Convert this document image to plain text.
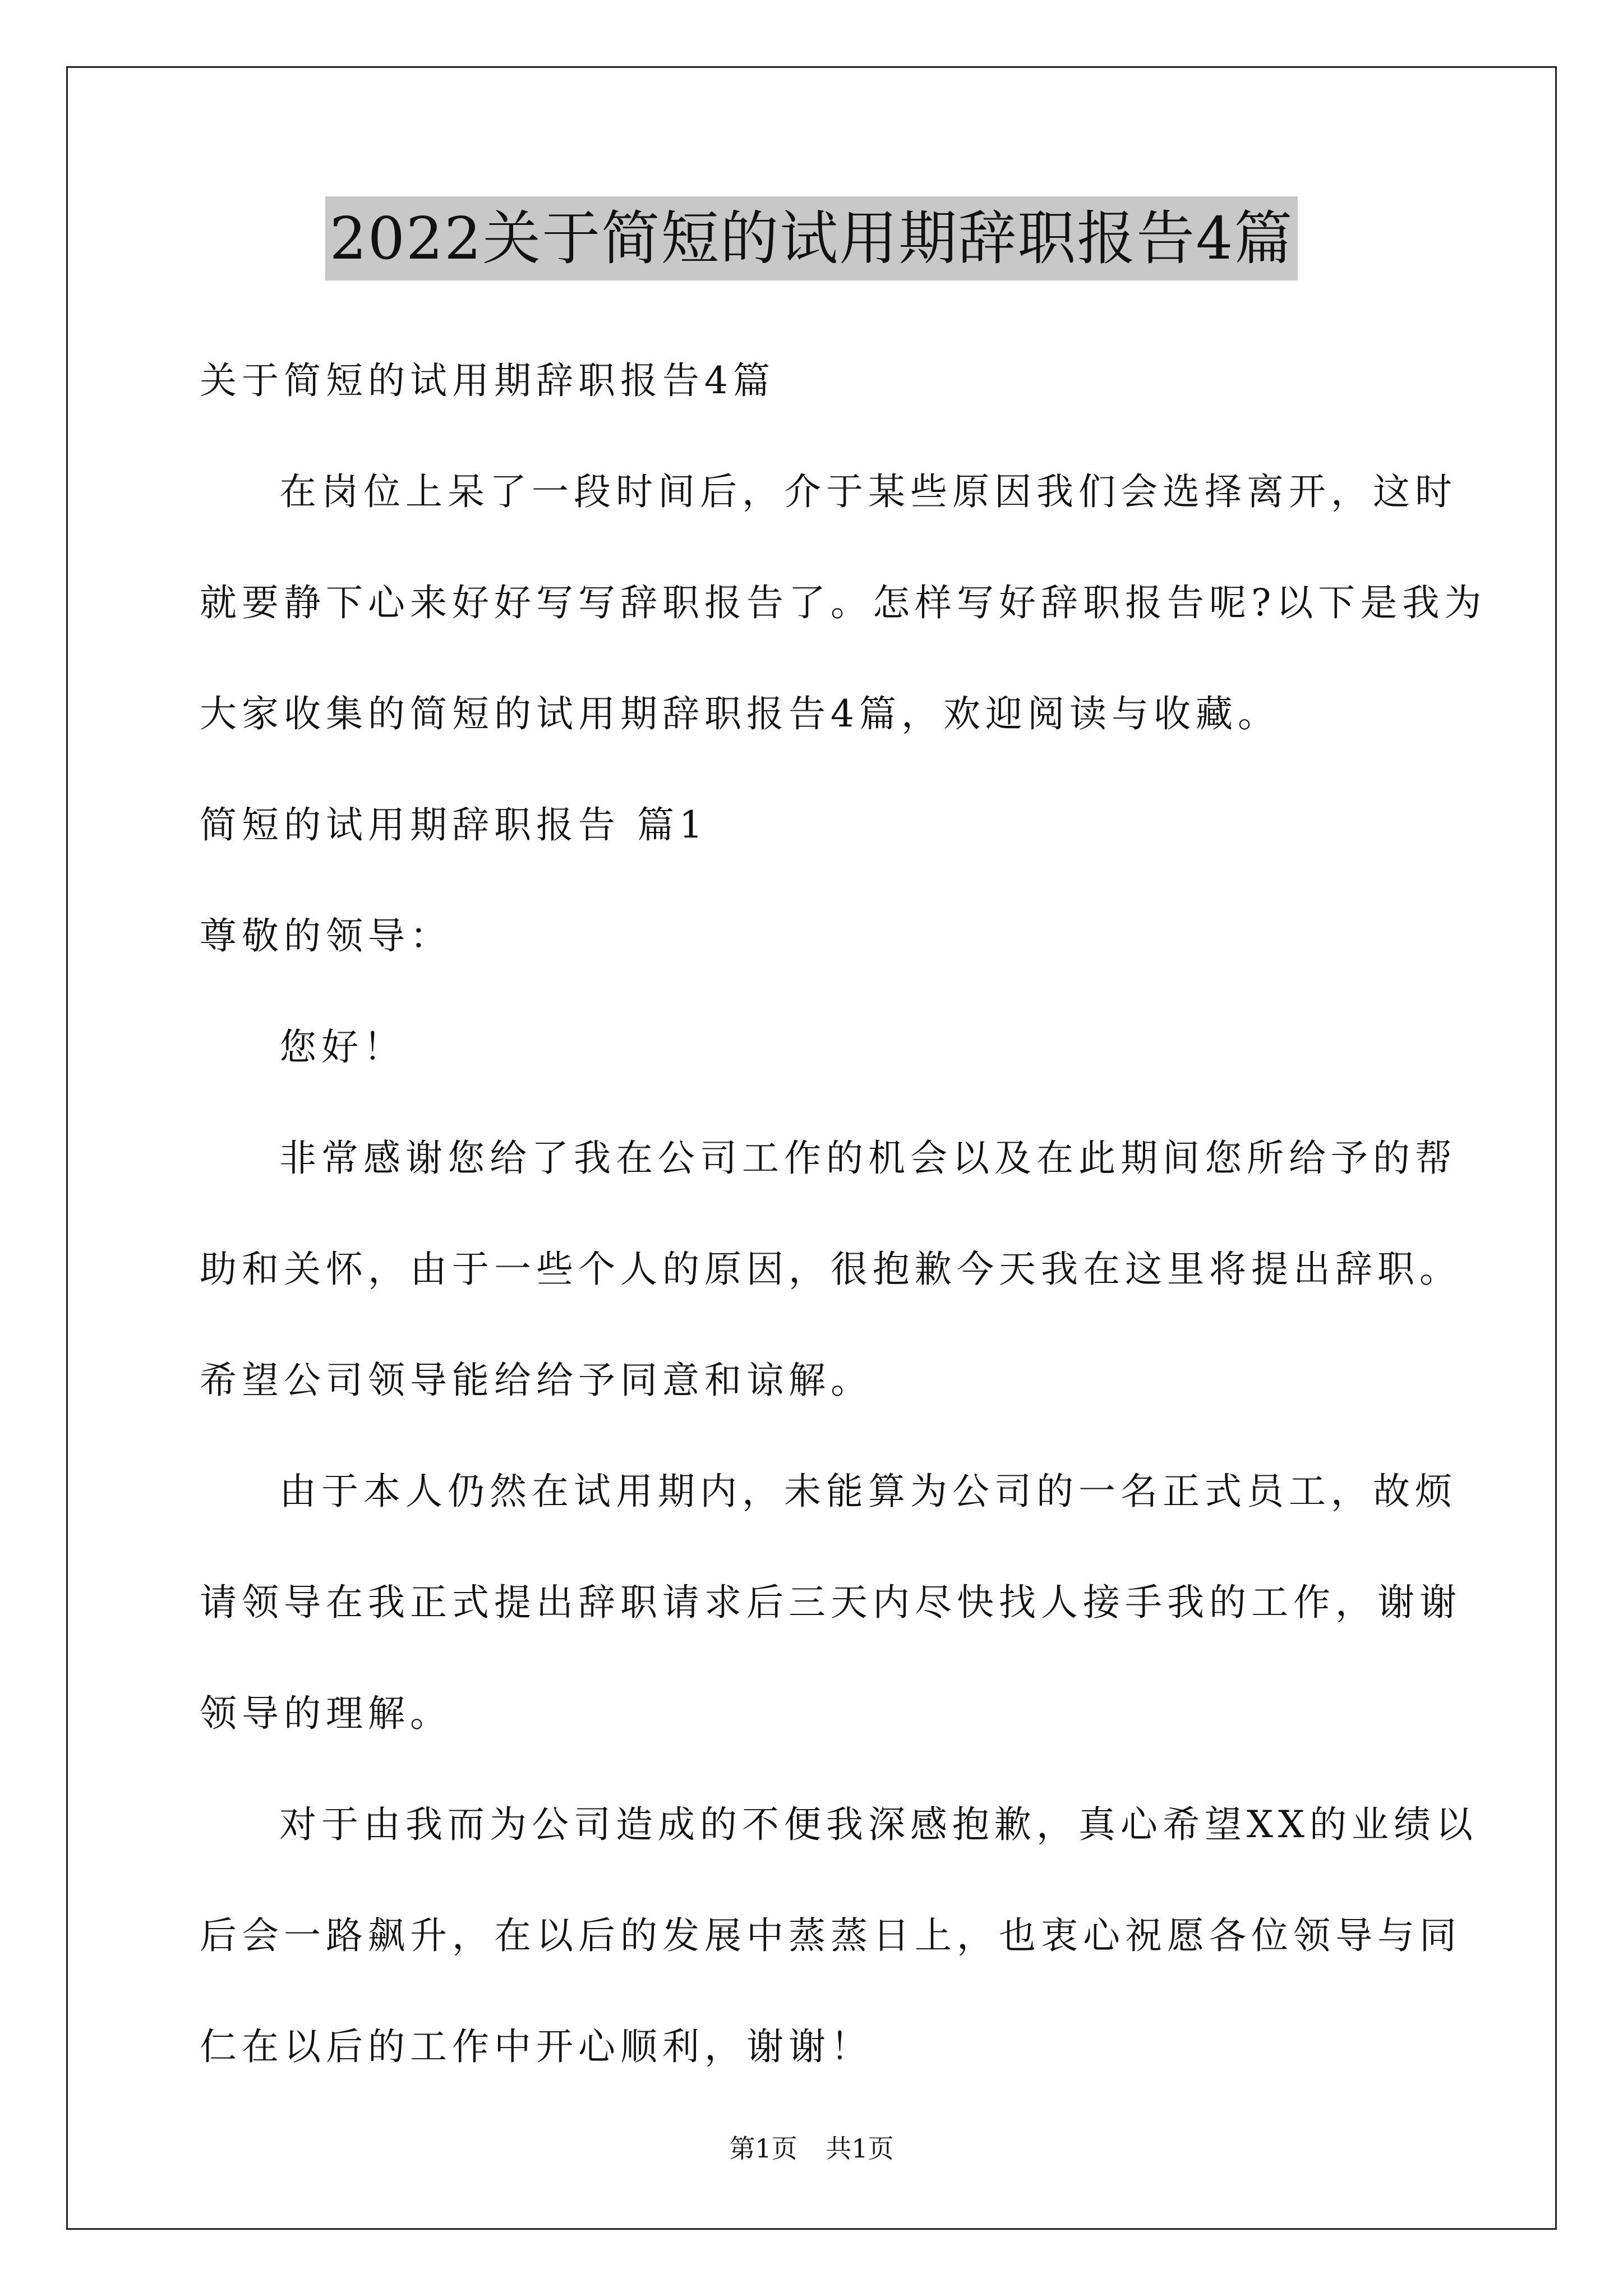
2022关于简短的试用期辞职报告4篇
关于简短的试用期辞职报告4篇
在岗位上呆了一段时间后，介于某些原因我们会选择离开，这时
就要静下心来好好写写辞职报告了。怎样写好辞职报告呢?以下是我为
大家收集的简短的试用期辞职报告4篇，欢迎阅读与收藏。
简短的试用期辞职报告 篇1
尊敬的领导：
您好！
非常感谢您给了我在公司工作的机会以及在此期间您所给予的帮
助和关怀，由于一些个人的原因，很抱歉今天我在这里将提出辞职。
希望公司领导能给给予同意和谅解。
由于本人仍然在试用期内，未能算为公司的一名正式员工，故烦
请领导在我正式提出辞职请求后三天内尽快找人接手我的工作，谢谢
领导的理解。
对于由我而为公司造成的不便我深感抱歉，真心希望XX的业绩以
后会一路飙升，在以后的发展中蒸蒸日上，也衷心祝愿各位领导与同
仁在以后的工作中开心顺利，谢谢！
第1页 共1页
